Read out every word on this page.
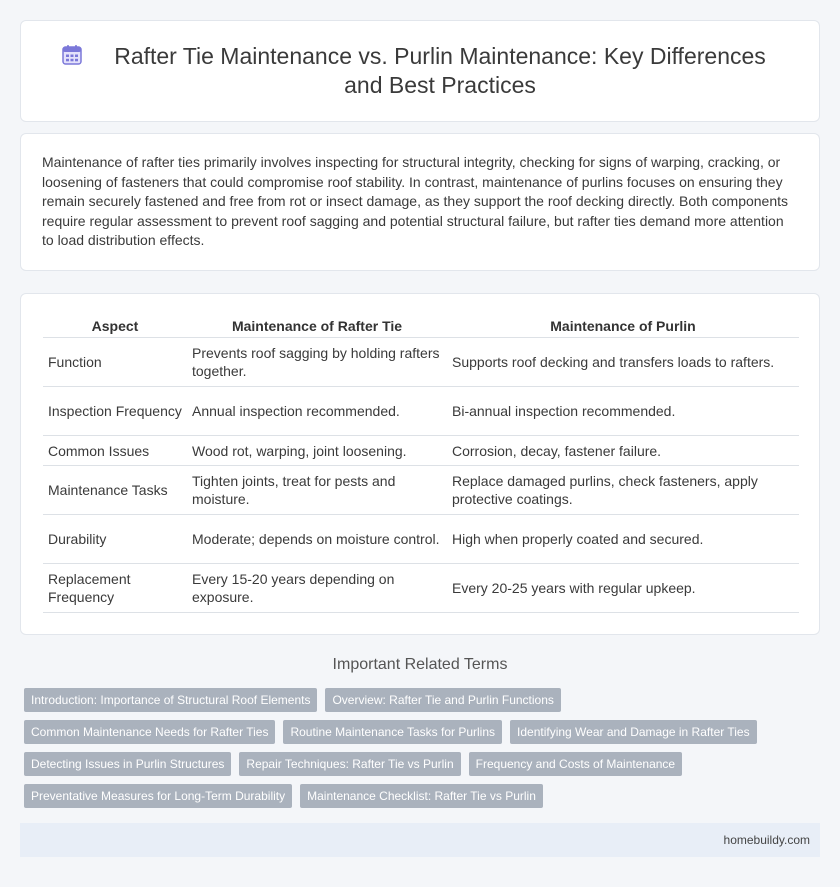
Rafter Tie Maintenance vs. Purlin Maintenance: Key Differences and Best Practices

Maintenance of rafter ties primarily involves inspecting for structural integrity, checking for signs of warping, cracking, or loosening of fasteners that could compromise roof stability. In contrast, maintenance of purlins focuses on ensuring they remain securely fastened and free from rot or insect damage, as they support the roof decking directly. Both components require regular assessment to prevent roof sagging and potential structural failure, but rafter ties demand more attention to load distribution effects.

Aspect	Maintenance of Rafter Tie	Maintenance of Purlin
Function	Prevents roof sagging by holding rafters together.	Supports roof decking and transfers loads to rafters.
Inspection Frequency	Annual inspection recommended.	Bi-annual inspection recommended.
Common Issues	Wood rot, warping, joint loosening.	Corrosion, decay, fastener failure.
Maintenance Tasks	Tighten joints, treat for pests and moisture.	Replace damaged purlins, check fasteners, apply protective coatings.
Durability	Moderate; depends on moisture control.	High when properly coated and secured.
Replacement Frequency	Every 15-20 years depending on exposure.	Every 20-25 years with regular upkeep.
Important Related Terms
Introduction: Importance of Structural Roof Elements	Overview: Rafter Tie and Purlin Functions
Common Maintenance Needs for Rafter Ties	Routine Maintenance Tasks for Purlins	Identifying Wear and Damage in Rafter Ties
Detecting Issues in Purlin Structures	Repair Techniques: Rafter Tie vs Purlin	Frequency and Costs of Maintenance
Preventative Measures for Long-Term Durability	Maintenance Checklist: Rafter Tie vs Purlin
homebuildy.com
